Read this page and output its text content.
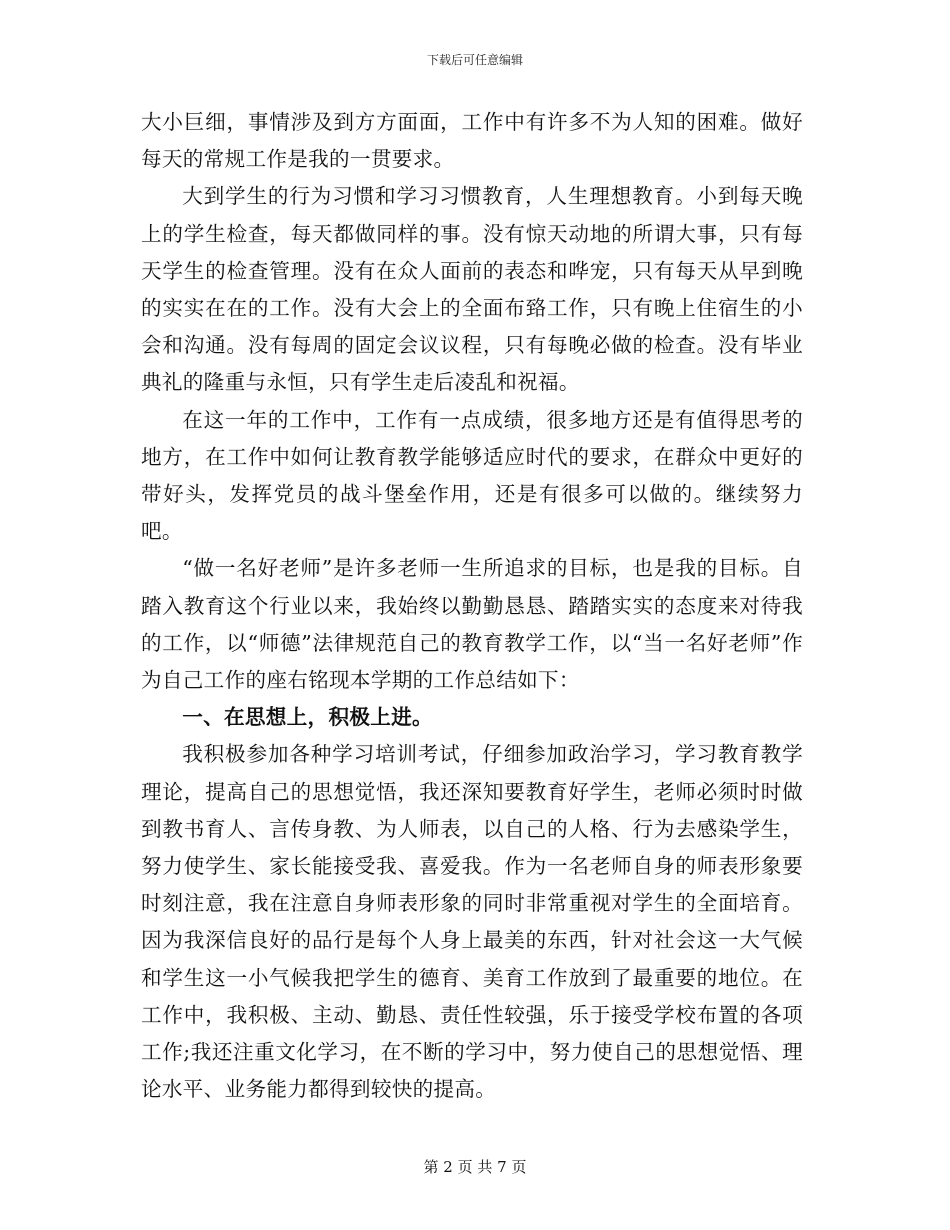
下载后可任意编辑

大小巨细，事情涉及到方方面面，工作中有许多不为人知的困难。做好每天的常规工作是我的一贯要求。

大到学生的行为习惯和学习习惯教育，人生理想教育。小到每天晚上的学生检查，每天都做同样的事。没有惊天动地的所谓大事，只有每天学生的检查管理。没有在众人面前的表态和哗宠，只有每天从早到晚的实实在在的工作。没有大会上的全面布臵工作，只有晚上住宿生的小会和沟通。没有每周的固定会议议程，只有每晚必做的检查。没有毕业典礼的隆重与永恒，只有学生走后凌乱和祝福。

在这一年的工作中，工作有一点成绩，很多地方还是有值得思考的地方，在工作中如何让教育教学能够适应时代的要求，在群众中更好的带好头，发挥党员的战斗堡垒作用，还是有很多可以做的。继续努力吧。

“做一名好老师”是许多老师一生所追求的目标，也是我的目标。自踏入教育这个行业以来，我始终以勤勤恳恳、踏踏实实的态度来对待我的工作，以“师德”法律规范自己的教育教学工作，以“当一名好老师”作为自己工作的座右铭现本学期的工作总结如下：

一、在思想上，积极上进。

我积极参加各种学习培训考试，仔细参加政治学习，学习教育教学理论，提高自己的思想觉悟，我还深知要教育好学生，老师必须时时做到教书育人、言传身教、为人师表，以自己的人格、行为去感染学生，努力使学生、家长能接受我、喜爱我。作为一名老师自身的师表形象要时刻注意，我在注意自身师表形象的同时非常重视对学生的全面培育。因为我深信良好的品行是每个人身上最美的东西，针对社会这一大气候和学生这一小气候我把学生的德育、美育工作放到了最重要的地位。在工作中，我积极、主动、勤恳、责任性较强，乐于接受学校布置的各项工作;我还注重文化学习，在不断的学习中，努力使自己的思想觉悟、理论水平、业务能力都得到较快的提高。

第 2 页 共 7 页
